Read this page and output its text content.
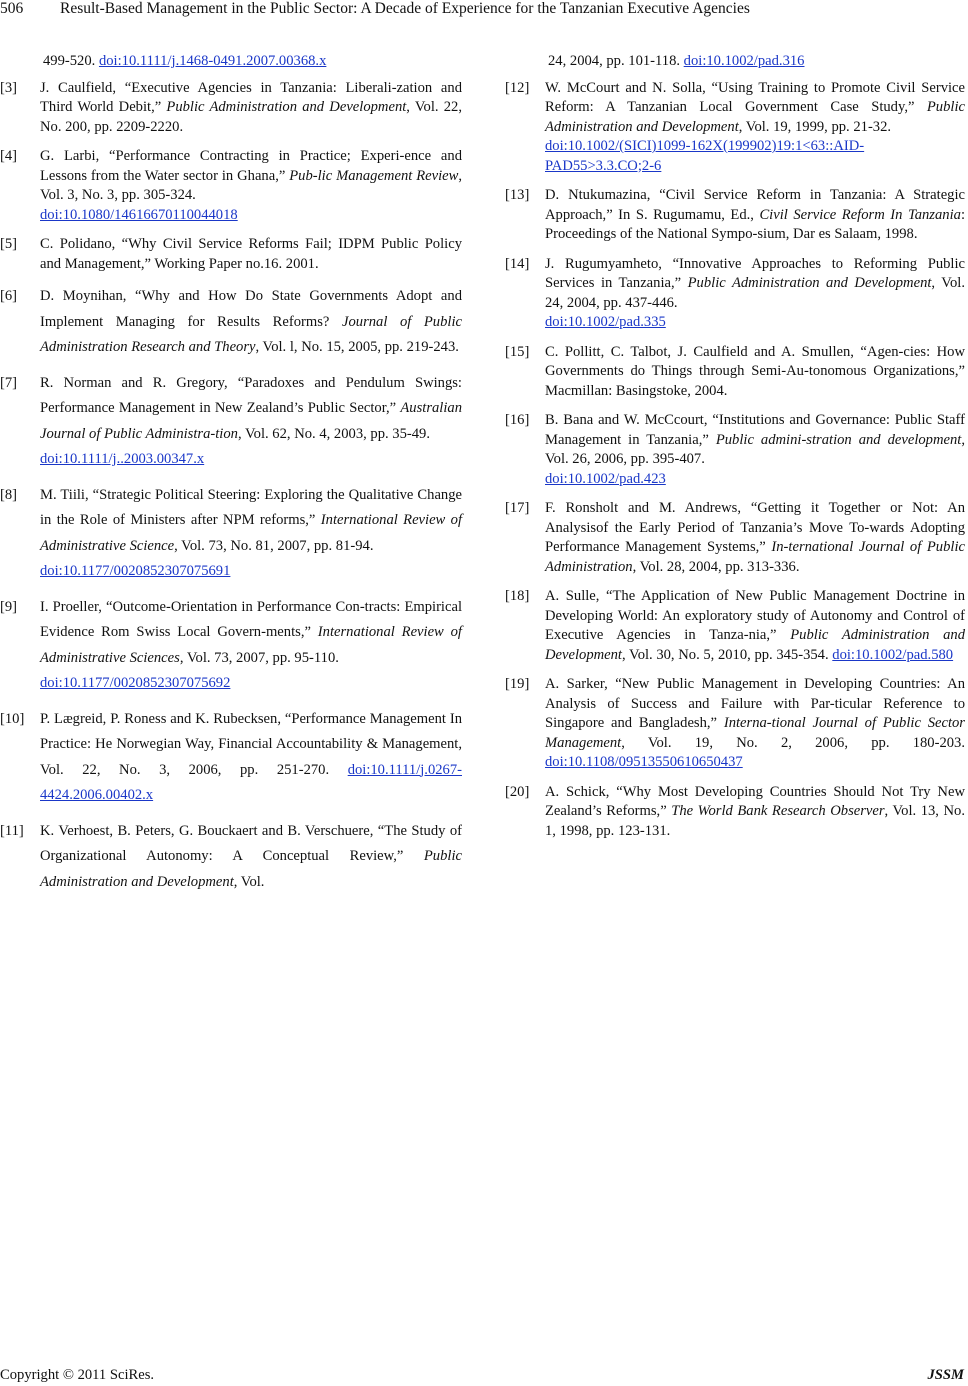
506 Result-Based Management in the Public Sector: A Decade of Experience for the Tanzanian Executive Agencies
499-520. doi:10.1111/j.1468-0491.2007.00368.x
[3] J. Caulfield, “Executive Agencies in Tanzania: Liberali-zation and Third World Debit,” Public Administration and Development, Vol. 22, No. 200, pp. 2209-2220.
[4] G. Larbi, “Performance Contracting in Practice; Experi-ence and Lessons from the Water sector in Ghana,” Pub-lic Management Review, Vol. 3, No. 3, pp. 305-324.
doi:10.1080/14616670110044018
[5] C. Polidano, “Why Civil Service Reforms Fail; IDPM Public Policy and Management,” Working Paper no.16. 2001.
[6] D. Moynihan, “Why and How Do State Governments Adopt and Implement Managing for Results Reforms? Journal of Public Administration Research and Theory, Vol. l, No. 15, 2005, pp. 219-243.
[7] R. Norman and R. Gregory, “Paradoxes and Pendulum Swings: Performance Management in New Zealand’s Public Sector,” Australian Journal of Public Administra-tion, Vol. 62, No. 4, 2003, pp. 35-49.
doi:10.1111/j..2003.00347.x
[8] M. Tiili, “Strategic Political Steering: Exploring the Qualitative Change in the Role of Ministers after NPM reforms,” International Review of Administrative Science, Vol. 73, No. 81, 2007, pp. 81-94.
doi:10.1177/0020852307075691
[9] I. Proeller, “Outcome-Orientation in Performance Con-tracts: Empirical Evidence Rom Swiss Local Govern-ments,” International Review of Administrative Sciences, Vol. 73, 2007, pp. 95-110.
doi:10.1177/0020852307075692
[10] P. Lægreid, P. Roness and K. Rubecksen, “Performance Management In Practice: He Norwegian Way, Financial Accountability & Management, Vol. 22, No. 3, 2006, pp. 251-270. doi:10.1111/j.0267-4424.2006.00402.x
[11] K. Verhoest, B. Peters, G. Bouckaert and B. Verschuere, “The Study of Organizational Autonomy: A Conceptual Review,” Public Administration and Development, Vol.
24, 2004, pp. 101-118. doi:10.1002/pad.316
[12] W. McCourt and N. Solla, “Using Training to Promote Civil Service Reform: A Tanzanian Local Government Case Study,” Public Administration and Development, Vol. 19, 1999, pp. 21-32.
doi:10.1002/(SICI)1099-162X(199902)19:1<63::AID-PAD55>3.3.CO;2-6
[13] D. Ntukumazina, “Civil Service Reform in Tanzania: A Strategic Approach,” In S. Rugumamu, Ed., Civil Service Reform In Tanzania: Proceedings of the National Sympo-sium, Dar es Salaam, 1998.
[14] J. Rugumyamheto, “Innovative Approaches to Reforming Public Services in Tanzania,” Public Administration and Development, Vol. 24, 2004, pp. 437-446.
doi:10.1002/pad.335
[15] C. Pollitt, C. Talbot, J. Caulfield and A. Smullen, “Agen-cies: How Governments do Things through Semi-Au-tonomous Organizations,” Macmillan: Basingstoke, 2004.
[16] B. Bana and W. McCcourt, “Institutions and Governance: Public Staff Management in Tanzania,” Public admini-stration and development, Vol. 26, 2006, pp. 395-407.
doi:10.1002/pad.423
[17] F. Ronsholt and M. Andrews, “Getting it Together or Not: An Analysisof the Early Period of Tanzania’s Move To-wards Adopting Performance Management Systems,” In-ternational Journal of Public Administration, Vol. 28, 2004, pp. 313-336.
[18] A. Sulle, “The Application of New Public Management Doctrine in Developing World: An exploratory study of Autonomy and Control of Executive Agencies in Tanza-nia,” Public Administration and Development, Vol. 30, No. 5, 2010, pp. 345-354. doi:10.1002/pad.580
[19] A. Sarker, “New Public Management in Developing Countries: An Analysis of Success and Failure with Par-ticular Reference to Singapore and Bangladesh,” Interna-tional Journal of Public Sector Management, Vol. 19, No. 2, 2006, pp. 180-203. doi:10.1108/09513550610650437
[20] A. Schick, “Why Most Developing Countries Should Not Try New Zealand’s Reforms,” The World Bank Research Observer, Vol. 13, No. 1, 1998, pp. 123-131.
Copyright © 2011 SciRes.	JSSM
